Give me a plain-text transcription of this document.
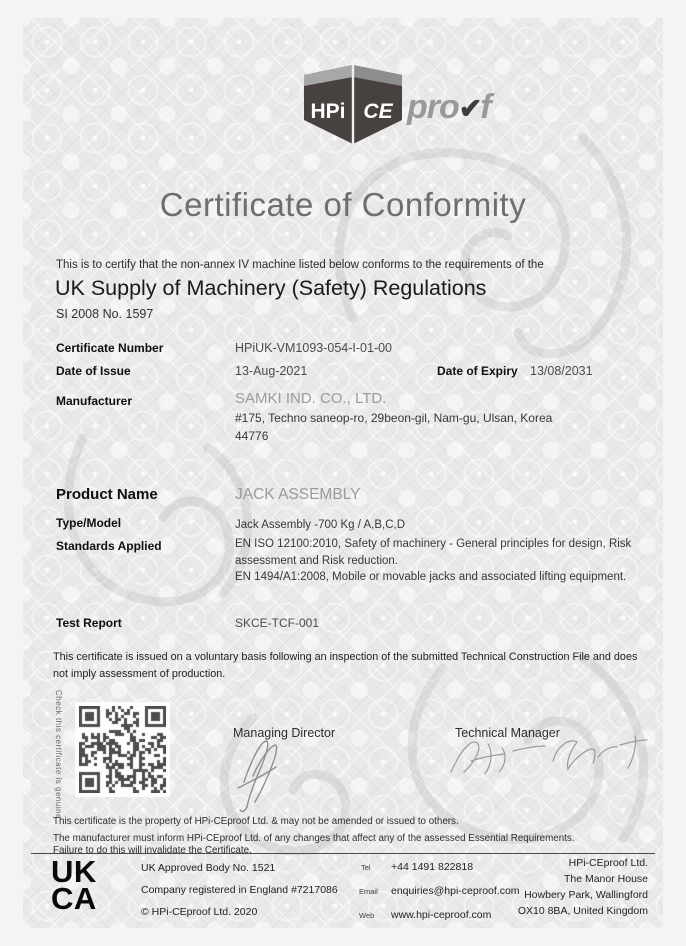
HPi CE pro✔f
Certificate of Conformity
This is to certify that the non-annex IV machine listed below conforms to the requirements of the
UK Supply of Machinery (Safety) Regulations
SI 2008 No. 1597
Certificate Number	HPiUK-VM1093-054-I-01-00
Date of Issue	13-Aug-2021	Date of Expiry 13/08/2031
Manufacturer	SAMKI IND. CO., LTD.
#175, Techno saneop-ro, 29beon-gil, Nam-gu, Ulsan, Korea
44776
Product Name	JACK ASSEMBLY
Type/Model	Jack Assembly -700 Kg / A,B,C,D
Standards Applied	EN ISO 12100:2010, Safety of machinery - General principles for design, Risk assessment and Risk reduction.
EN 1494/A1:2008, Mobile or movable jacks and associated lifting equipment.
Test Report	SKCE-TCF-001
This certificate is issued on a voluntary basis following an inspection of the submitted Technical Construction File and does not imply assessment of production.
Check this certificate is genuine	Managing Director	Technical Manager
This certificate is the property of HPi-CEproof Ltd. & may not be amended or issued to others.
The manufacturer must inform HPi-CEproof Ltd. of any changes that affect any of the assessed Essential Requirements.
Failure to do this will invalidate the Certificate.
UK
CA
UK Approved Body No. 1521
Company registered in England #7217086
© HPi-CEproof Ltd. 2020
Tel +44 1491 822818
Email enquiries@hpi-ceproof.com
Web www.hpi-ceproof.com
HPi-CEproof Ltd.
The Manor House
Howbery Park, Wallingford
OX10 8BA, United Kingdom
